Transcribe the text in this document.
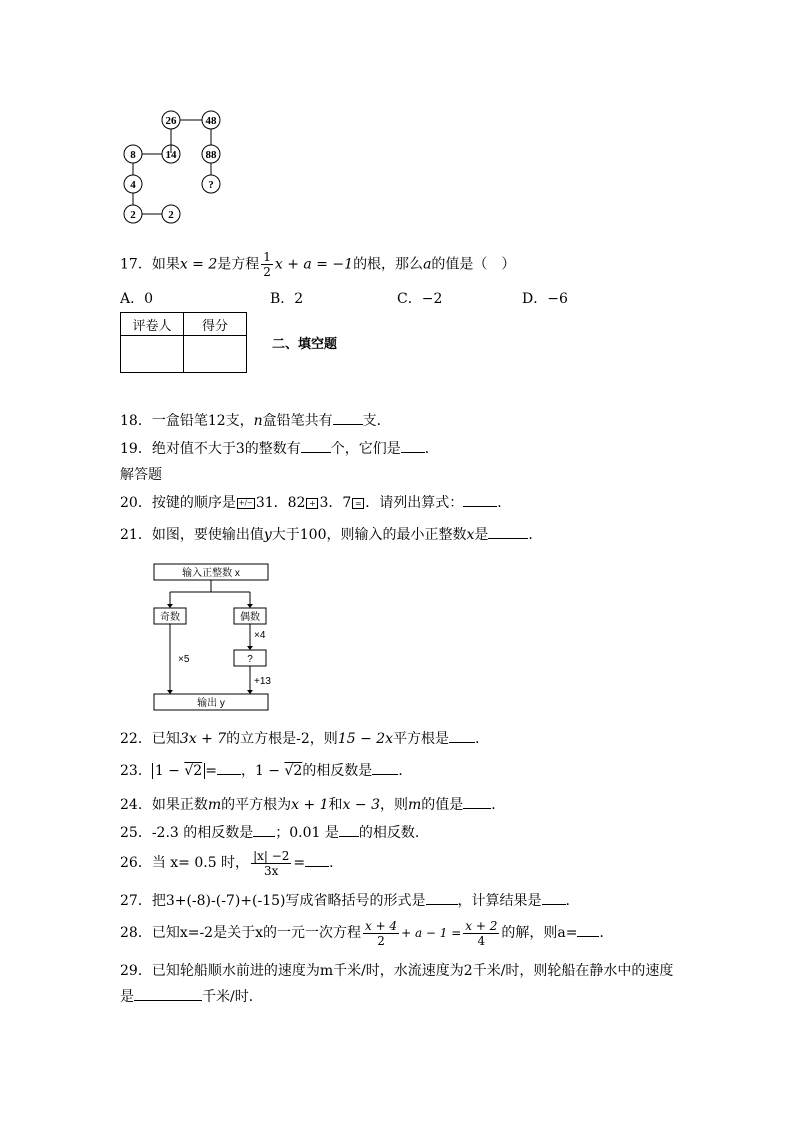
26	48
8	14	88
4	?
2	2
17．如果x = 2是方程 $\frac{1}{2}$ x + a = −1的根，那么a的值是（　）
A．0	B．2	C．−2	D．−6
评卷人	得分

二、填空题
18．一盒铅笔12支，n盒铅笔共有 支．
19．绝对值不大于3的整数有 个，它们是 ．
解答题
20．按键的顺序是 +/− 31．82 + 3．7 = ．请列出算式： ．
21．如图，要使输出值y大于100，则输入的最小正整数x是	．
输入正整数 x
奇数	偶数
?
输出 y
×4
×5
+13
22．已知3x + 7的立方根是-2，则15 − 2x平方根是 ．
23． 1 − √2 = ，1 − √2的相反数是 ．
24．如果正数m的平方根为x + 1和x − 3，则m的值是 ．
25．-2.3 的相反数是 ；0.01 是 的相反数.
26．当 x= 0.5 时， $\frac{|x| -2}{3x}$ = ．
27．把3+(-8)-(-7)+(-15)写成省略括号的形式是 ，计算结果是 .
28．已知x=-2是关于x的一元一次方程 $\frac{x + 4}{2} + a - 1 = \frac{x + 2}{4}$ 的解，则a= ．
29．已知轮船顺水前进的速度为m千米/时，水流速度为2千米/时，则轮船在静水中的速度
是	千米/时．
